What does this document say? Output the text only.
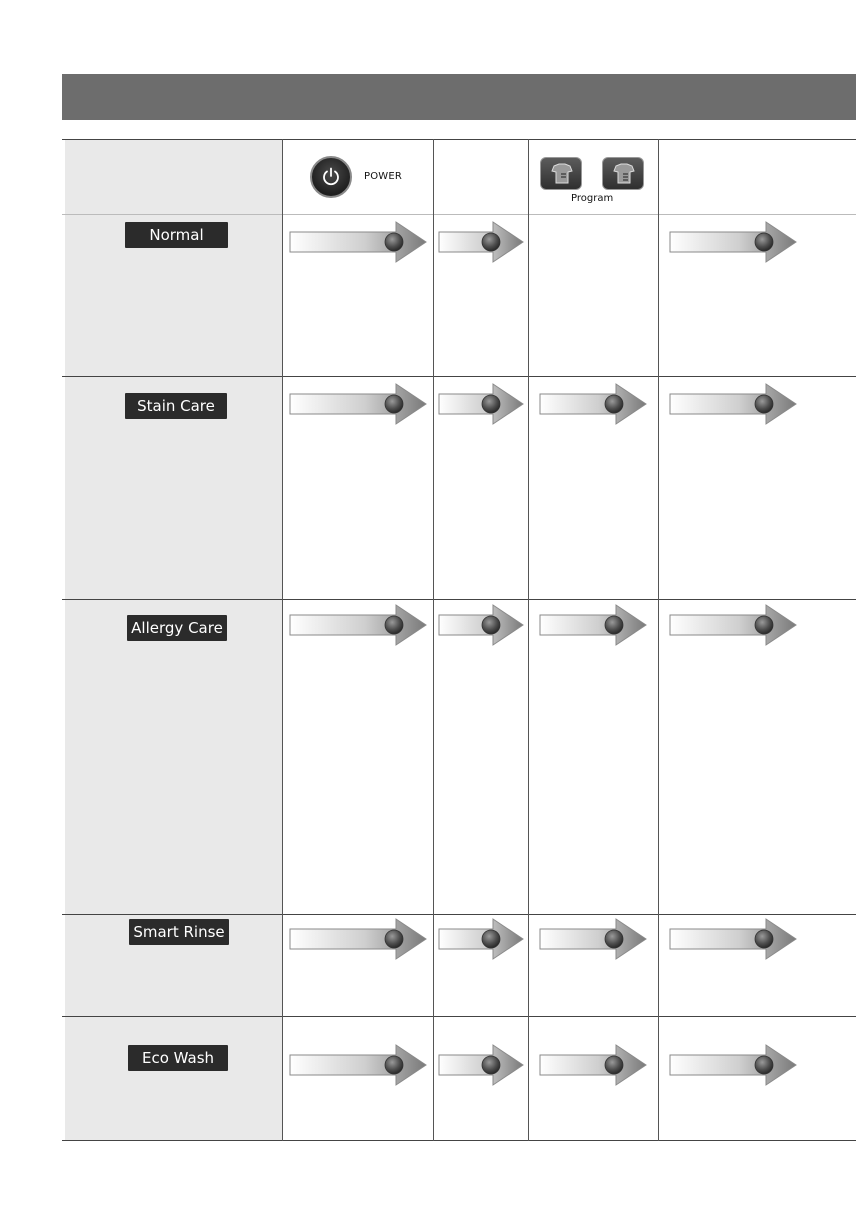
POWER
Program
Normal
Stain Care
Allergy Care
Smart Rinse
Eco Wash
